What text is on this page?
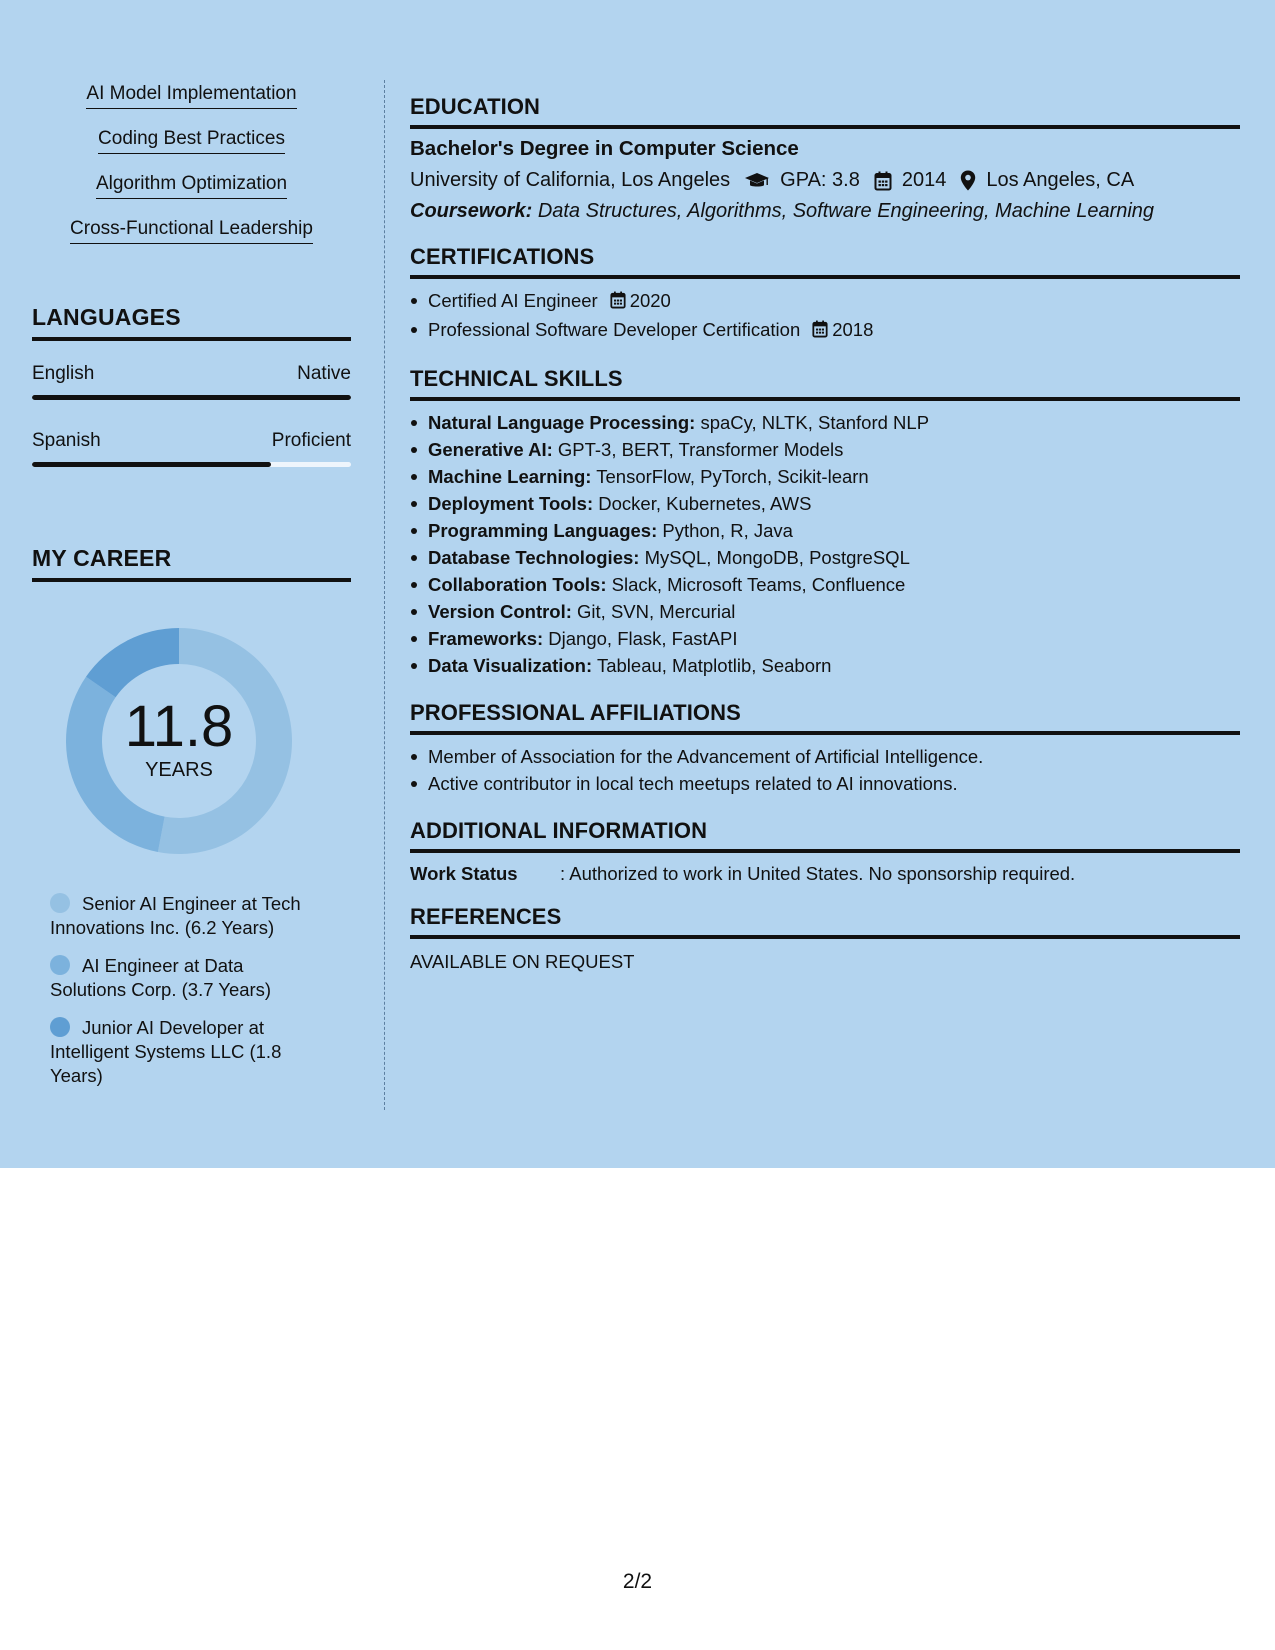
AI Model Implementation
Coding Best Practices
Algorithm Optimization
Cross-Functional Leadership
LANGUAGES
English	Native
Spanish	Proficient
MY CAREER
11.8
YEARS
Senior AI Engineer at Tech Innovations Inc. (6.2 Years)
AI Engineer at Data Solutions Corp. (3.7 Years)
Junior AI Developer at Intelligent Systems LLC (1.8 Years)
EDUCATION
Bachelor's Degree in Computer Science
University of California, Los Angeles	GPA: 3.8 2014 Los Angeles, CA
Coursework: Data Structures, Algorithms, Software Engineering, Machine Learning
CERTIFICATIONS
Certified AI Engineer 2020
Professional Software Developer Certification 2018
TECHNICAL SKILLS
Natural Language Processing: spaCy, NLTK, Stanford NLP
Generative AI: GPT-3, BERT, Transformer Models
Machine Learning: TensorFlow, PyTorch, Scikit-learn
Deployment Tools: Docker, Kubernetes, AWS
Programming Languages: Python, R, Java
Database Technologies: MySQL, MongoDB, PostgreSQL
Collaboration Tools: Slack, Microsoft Teams, Confluence
Version Control: Git, SVN, Mercurial
Frameworks: Django, Flask, FastAPI
Data Visualization: Tableau, Matplotlib, Seaborn
PROFESSIONAL AFFILIATIONS
Member of Association for the Advancement of Artificial Intelligence.
Active contributor in local tech meetups related to AI innovations.
ADDITIONAL INFORMATION
Work Status	: Authorized to work in United States. No sponsorship required.
REFERENCES
AVAILABLE ON REQUEST
2/2
